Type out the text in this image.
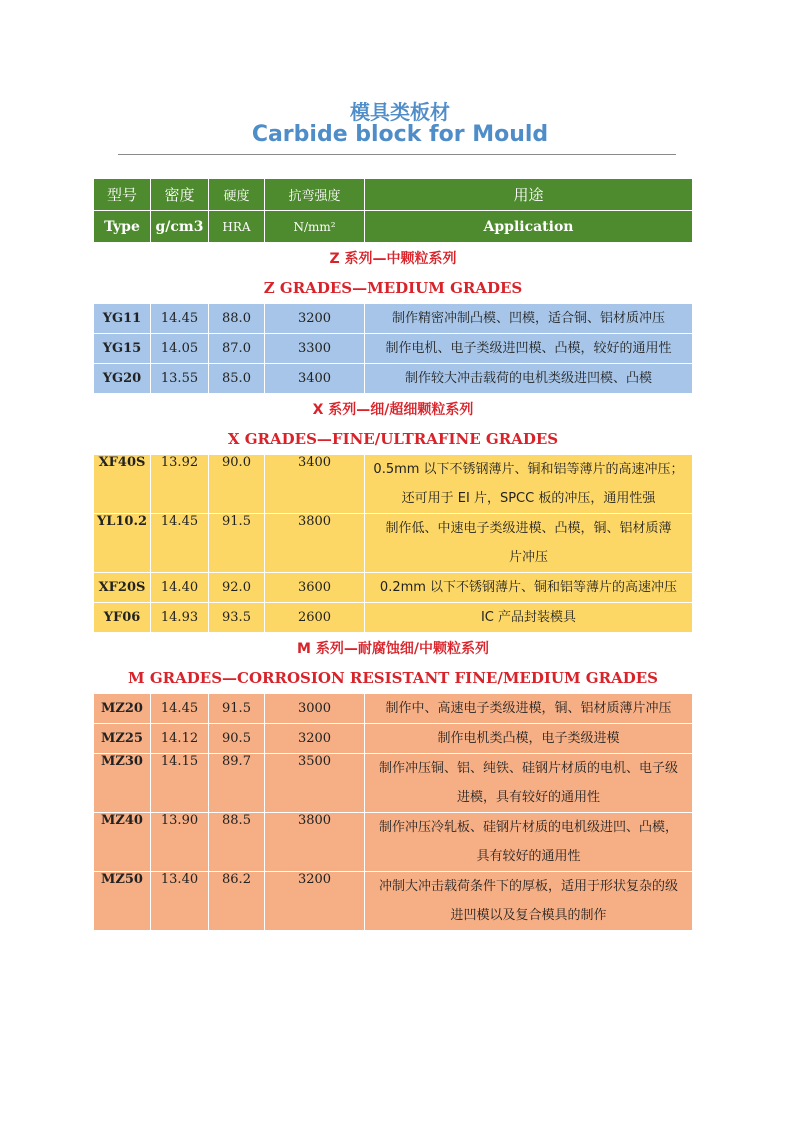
模具类板材
Carbide block for Mould
型号	密度	硬度	抗弯强度	用途
Type	g/cm3	HRA	N/mm²	Application
Z 系列—中颗粒系列				
Z GRADES—MEDIUM GRADES				
YG11	14.45	88.0	3200	制作精密冲制凸模、凹模，适合铜、铝材质冲压

YG15	14.05	87.0	3300	制作电机、电子类级进凹模、凸模，较好的通用性

YG20	13.55	85.0	3400	制作较大冲击载荷的电机类级进凹模、凸模

X 系列—细/超细颗粒系列				
X GRADES—FINE/ULTRAFINE GRADES				
XF40S	13.92	90.0	3400	0.5mm 以下不锈钢薄片、铜和铝等薄片的高速冲压；
还可用于 EI 片，SPCC 板的冲压，通用性强

YL10.2	14.45	91.5	3800	制作低、中速电子类级进模、凸模，铜、铝材质薄
片冲压

XF20S	14.40	92.0	3600	0.2mm 以下不锈钢薄片、铜和铝等薄片的高速冲压

YF06	14.93	93.5	2600	IC 产品封装模具

M 系列—耐腐蚀细/中颗粒系列				
M GRADES—CORROSION RESISTANT FINE/MEDIUM GRADES				
MZ20	14.45	91.5	3000	制作中、高速电子类级进模，铜、铝材质薄片冲压

MZ25	14.12	90.5	3200	制作电机类凸模，电子类级进模

MZ30	14.15	89.7	3500	制作冲压铜、铝、纯铁、硅钢片材质的电机、电子级
进模，具有较好的通用性

MZ40	13.90	88.5	3800	制作冲压冷轧板、硅钢片材质的电机级进凹、凸模，
具有较好的通用性

MZ50	13.40	86.2	3200	冲制大冲击载荷条件下的厚板，适用于形状复杂的级
进凹模以及复合模具的制作
